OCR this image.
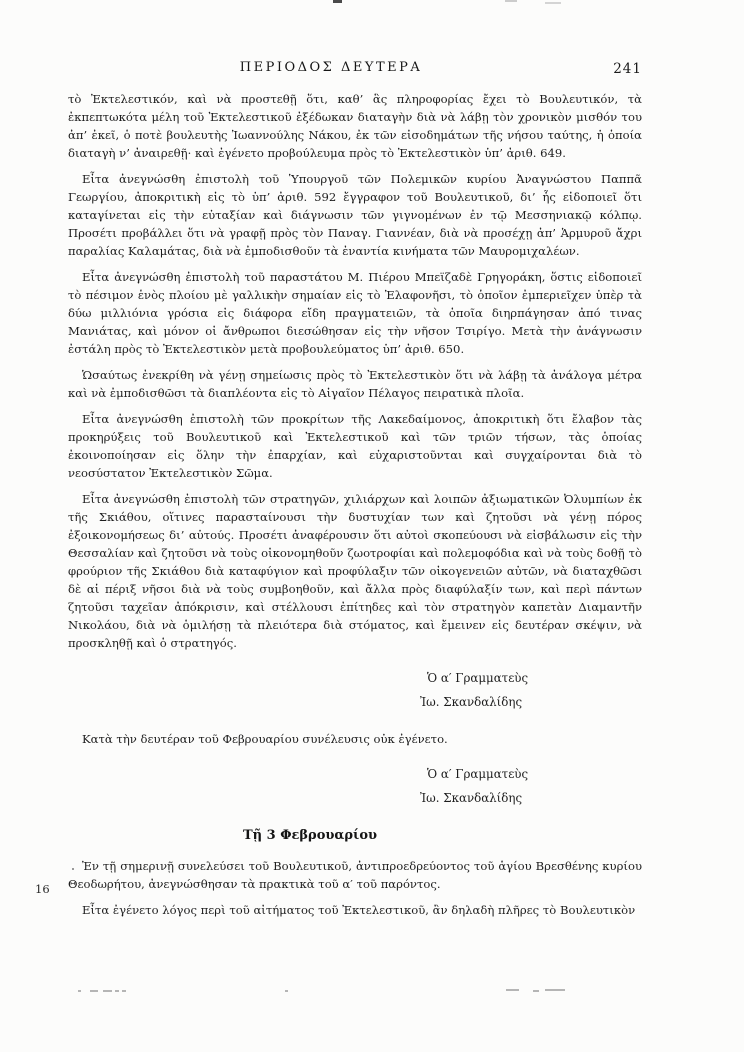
ΠΕΡΙΟΔΟΣ ΔΕΥΤΕΡΑ	241

τὸ Ἐκτελεστικόν, καὶ νὰ προστεθῇ ὅτι, καθ’ ἃς πληροφορίας ἔχει τὸ Βουλευτικόν, τὰ ἐκπεπτωκότα μέλη τοῦ Ἐκτελεστικοῦ ἐξέδωκαν διαταγὴν διὰ νὰ λάβῃ τὸν χρονικὸν μισθόν του ἀπ’ ἐκεῖ, ὁ ποτὲ βουλευτὴς Ἰωαννούλης Νάκου, ἐκ τῶν εἰσοδημάτων τῆς νήσου ταύτης, ἡ ὁποία διαταγὴ ν’ ἀναιρεθῇ· καὶ ἐγένετο προβούλευμα πρὸς τὸ Ἐκτελεστικὸν ὑπ’ ἀριθ. 649.

Εἶτα ἀνεγνώσθη ἐπιστολὴ τοῦ Ὑπουργοῦ τῶν Πολεμικῶν κυρίου Ἀναγνώστου Παππᾶ Γεωργίου, ἀποκριτικὴ εἰς τὸ ὑπ’ ἀριθ. 592 ἔγγραφον τοῦ Βουλευτικοῦ, δι’ ἧς εἰδοποιεῖ ὅτι καταγίνεται εἰς τὴν εὐταξίαν καὶ διάγνωσιν τῶν γιγνομένων ἐν τῷ Μεσσηνιακῷ κόλπῳ. Προσέτι προβάλλει ὅτι νὰ γραφῇ πρὸς τὸν Παναγ. Γιαννέαν, διὰ νὰ προσέχῃ ἀπ’ Ἁρμυροῦ ἄχρι παραλίας Καλαμάτας, διὰ νὰ ἐμποδισθοῦν τὰ ἐναντία κινήματα τῶν Μαυρομιχαλέων.

Εἶτα ἀνεγνώσθη ἐπιστολὴ τοῦ παραστάτου Μ. Πιέρου Μπεϊζαδὲ Γρηγοράκη, ὅστις εἰδοποιεῖ τὸ πέσιμον ἑνὸς πλοίου μὲ γαλλικὴν σημαίαν εἰς τὸ Ἐλαφονῆσι, τὸ ὁποῖον ἐμπεριεῖχεν ὑπὲρ τὰ δύω μιλλιόνια γρόσια εἰς διάφορα εἴδη πραγματειῶν, τὰ ὁποῖα διηρπάγησαν ἀπό τινας Μανιάτας, καὶ μόνον οἱ ἄνθρωποι διεσώθησαν εἰς τὴν νῆσον Τσιρίγο. Μετὰ τὴν ἀνάγνωσιν ἐστάλη πρὸς τὸ Ἐκτελεστικὸν μετὰ προβουλεύματος ὑπ’ ἀριθ. 650.

Ὡσαύτως ἐνεκρίθη νὰ γένῃ σημείωσις πρὸς τὸ Ἐκτελεστικὸν ὅτι νὰ λάβῃ τὰ ἀνάλογα μέτρα καὶ νὰ ἐμποδισθῶσι τὰ διαπλέοντα εἰς τὸ Αἰγαῖον Πέλαγος πειρατικὰ πλοῖα.

Εἶτα ἀνεγνώσθη ἐπιστολὴ τῶν προκρίτων τῆς Λακεδαίμονος, ἀποκριτικὴ ὅτι ἔλαβον τὰς προκηρύξεις τοῦ Βουλευτικοῦ καὶ Ἐκτελεστικοῦ καὶ τῶν τριῶν τήσων, τὰς ὁποίας ἐκοινοποίησαν εἰς ὅλην τὴν ἐπαρχίαν, καὶ εὐχαριστοῦνται καὶ συγχαίρονται διὰ τὸ νεοσύστατον Ἐκτελεστικὸν Σῶμα.

Εἶτα ἀνεγνώσθη ἐπιστολὴ τῶν στρατηγῶν, χιλιάρχων καὶ λοιπῶν ἀξιωματικῶν Ὀλυμπίων ἐκ τῆς Σκιάθου, οἵτινες παρασταίνουσι τὴν δυστυχίαν των καὶ ζητοῦσι νὰ γένῃ πόρος ἐξοικονομήσεως δι’ αὐτούς. Προσέτι ἀναφέρουσιν ὅτι αὐτοὶ σκοπεύουσι νὰ εἰσβάλωσιν εἰς τὴν Θεσσαλίαν καὶ ζητοῦσι νὰ τοὺς οἰκονομηθοῦν ζωοτροφίαι καὶ πολεμοφόδια καὶ νὰ τοὺς δοθῇ τὸ φρούριον τῆς Σκιάθου διὰ καταφύγιον καὶ προφύλαξιν τῶν οἰκογενειῶν αὐτῶν, νὰ διαταχθῶσι δὲ αἱ πέριξ νῆσοι διὰ νὰ τοὺς συμβοηθοῦν, καὶ ἄλλα πρὸς διαφύλαξίν των, καὶ περὶ πάντων ζητοῦσι ταχεῖαν ἀπόκρισιν, καὶ στέλλουσι ἐπίτηδες καὶ τὸν στρατηγὸν καπετὰν Διαμαντῆν Νικολάου, διὰ νὰ ὁμιλήσῃ τὰ πλειότερα διὰ στόματος, καὶ ἔμεινεν εἰς δευτέραν σκέψιν, νὰ προσκληθῇ καὶ ὁ στρατηγός.

Ὁ α′ Γραμματεὺς
Ἰω. Σκανδαλίδης

Κατὰ τὴν δευτέραν τοῦ Φεβρουαρίου συνέλευσις οὐκ ἐγένετο.

Ὁ α′ Γραμματεὺς
Ἰω. Σκανδαλίδης
Τῇ 3 Φεβρουαρίου

Ἐν τῇ σημερινῇ συνελεύσει τοῦ Βουλευτικοῦ, ἀντιπροεδρεύοντος τοῦ ἁγίου Βρεσθένης κυρίου Θεοδωρήτου, ἀνεγνώσθησαν τὰ πρακτικὰ τοῦ α′ τοῦ παρόντος.

Εἶτα ἐγένετο λόγος περὶ τοῦ αἰτήματος τοῦ Ἐκτελεστικοῦ, ἂν δηλαδὴ πλῆρες τὸ Βουλευτικὸν

16
